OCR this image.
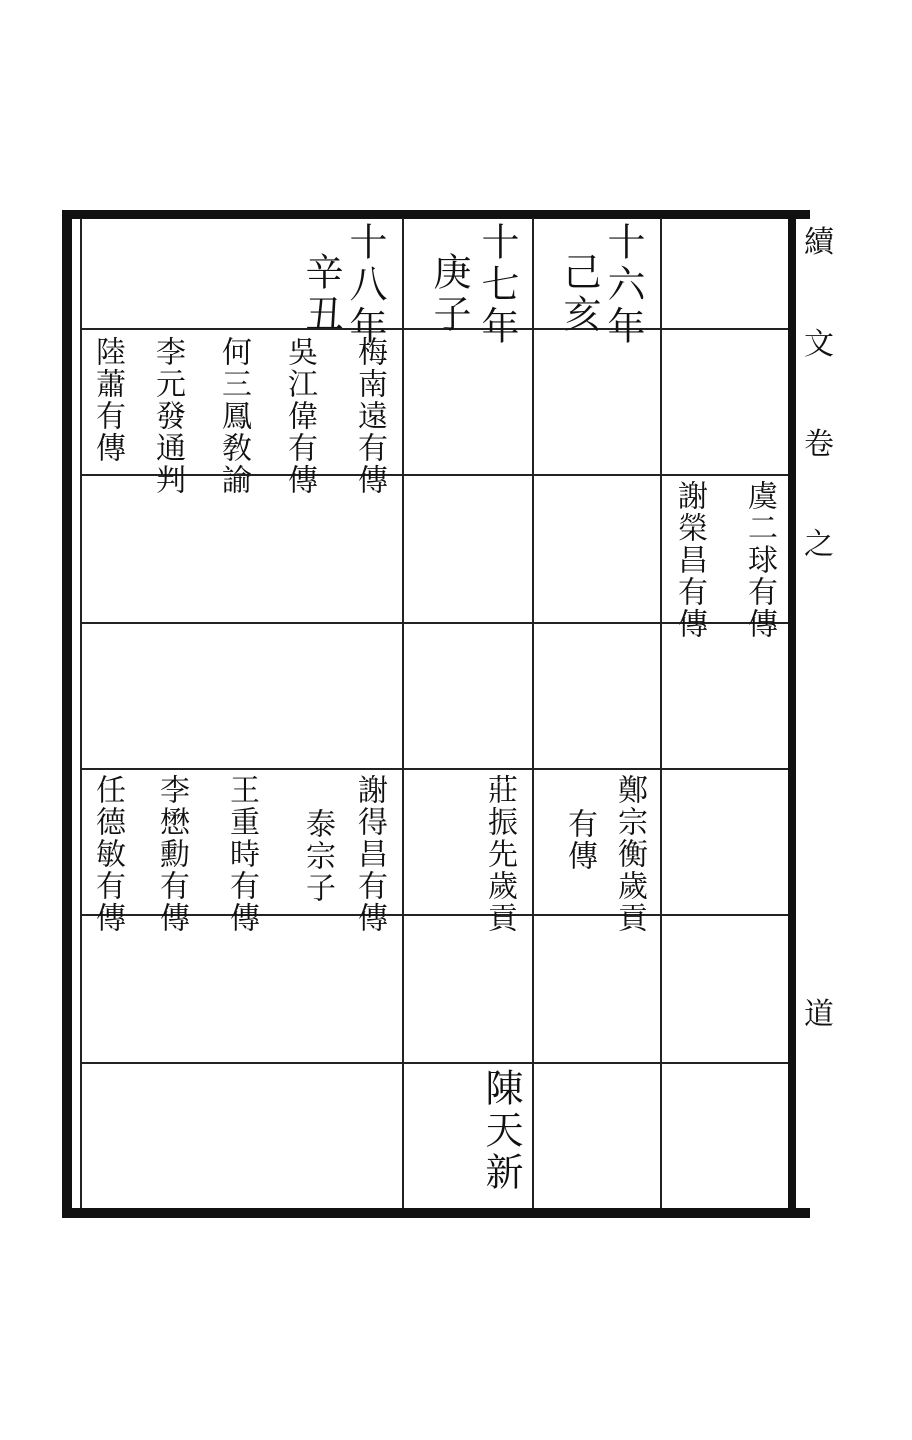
續
文
卷
之
道
十六年
己亥
十七年
庚子
十八年
辛丑
梅南遠有傳
吳江偉有傳
何三鳳敎諭
李元發通判
陸蕭有傳
虞二球有傳
謝榮昌有傳
鄭宗衡歲貢
有傳
莊振先歲貢
謝得昌有傳
泰宗子
王重時有傳
李懋勳有傳
任德敏有傳
陳天新
